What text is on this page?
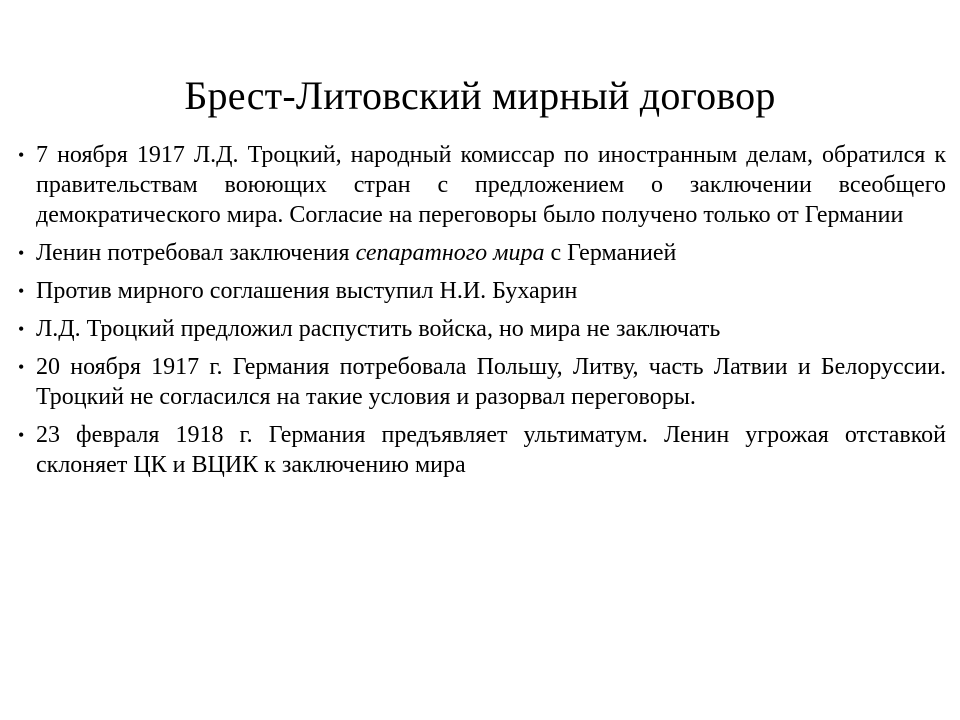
Брест-Литовский мирный договор
• 7 ноября 1917 Л.Д. Троцкий, народный комиссар по иностранным делам, обратился к правительствам воюющих стран с предложением о заключении всеобщего демократического мира. Согласие на переговоры было получено только от Германии
• Ленин потребовал заключения сепаратного мира с Германией
• Против мирного соглашения выступил Н.И. Бухарин
• Л.Д. Троцкий предложил распустить войска, но мира не заключать
• 20 ноября 1917 г. Германия потребовала Польшу, Литву, часть Латвии и Белоруссии. Троцкий не согласился на такие условия и разорвал переговоры.
• 23 февраля 1918 г. Германия предъявляет ультиматум. Ленин угрожая отставкой склоняет ЦК и ВЦИК к заключению мира
